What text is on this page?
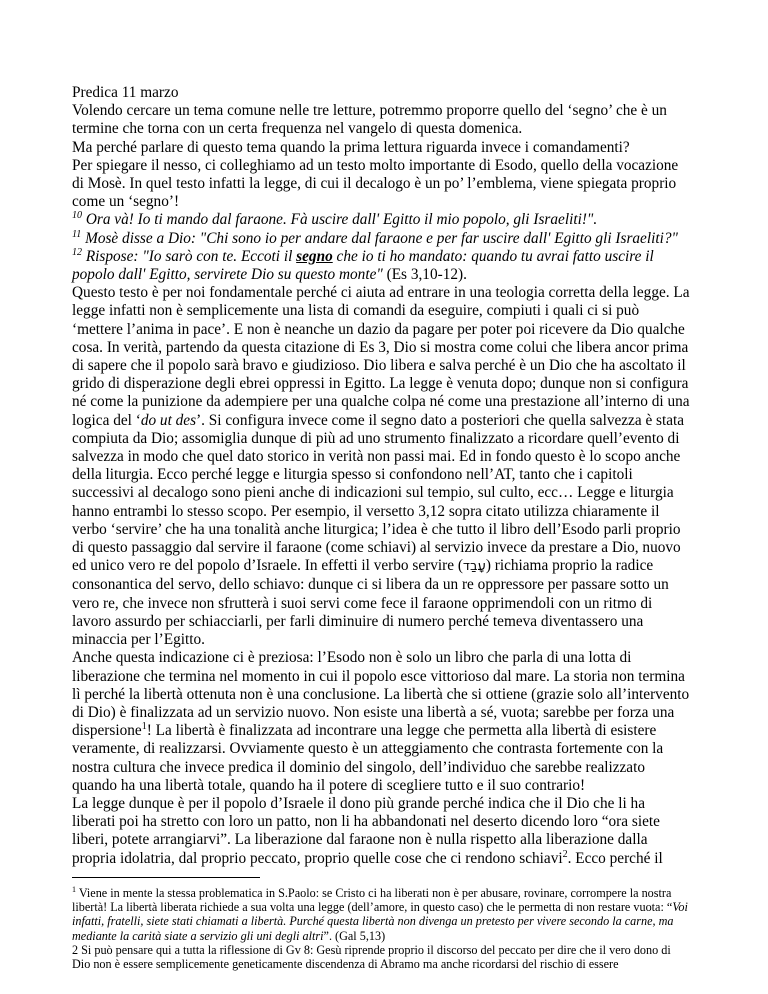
Predica 11 marzo

Volendo cercare un tema comune nelle tre letture, potremmo proporre quello del ‘segno’ che è un termine che torna con un certa frequenza nel vangelo di questa domenica.

Ma perché parlare di questo tema quando la prima lettura riguarda invece i comandamenti?

Per spiegare il nesso, ci colleghiamo ad un testo molto importante di Esodo, quello della vocazione di Mosè. In quel testo infatti la legge, di cui il decalogo è un po’ l’emblema, viene spiegata proprio come un ‘segno’!

$^{10}$ Ora và! Io ti mando dal faraone. Fà uscire dall' Egitto il mio popolo, gli Israeliti!".

$^{11}$ Mosè disse a Dio: "Chi sono io per andare dal faraone e per far uscire dall' Egitto gli Israeliti?"

$^{12}$ Rispose: "Io sarò con te. Eccoti il segno che io ti ho mandato: quando tu avrai fatto uscire il popolo dall' Egitto, servirete Dio su questo monte" (Es 3,10-12).

Questo testo è per noi fondamentale perché ci aiuta ad entrare in una teologia corretta della legge. La legge infatti non è semplicemente una lista di comandi da eseguire, compiuti i quali ci si può ‘mettere l’anima in pace’. E non è neanche un dazio da pagare per poter poi ricevere da Dio qualche cosa. In verità, partendo da questa citazione di Es 3, Dio si mostra come colui che libera ancor prima di sapere che il popolo sarà bravo e giudizioso. Dio libera e salva perché è un Dio che ha ascoltato il grido di disperazione degli ebrei oppressi in Egitto. La legge è venuta dopo; dunque non si configura né come la punizione da adempiere per una qualche colpa né come una prestazione all’interno di una logica del ‘do ut des’. Si configura invece come il segno dato a posteriori che quella salvezza è stata compiuta da Dio; assomiglia dunque di più ad uno strumento finalizzato a ricordare quell’evento di salvezza in modo che quel dato storico in verità non passi mai. Ed in fondo questo è lo scopo anche della liturgia. Ecco perché legge e liturgia spesso si confondono nell’AT, tanto che i capitoli successivi al decalogo sono pieni anche di indicazioni sul tempio, sul culto, ecc… Legge e liturgia hanno entrambi lo stesso scopo. Per esempio, il versetto 3,12 sopra citato utilizza chiaramente il verbo ‘servire’ che ha una tonalità anche liturgica; l’idea è che tutto il libro dell’Esodo parli proprio di questo passaggio dal servire il faraone (come schiavi) al servizio invece da prestare a Dio, nuovo ed unico vero re del popolo d’Israele. In effetti il verbo servire (עָבַד) richiama proprio la radice consonantica del servo, dello schiavo: dunque ci si libera da un re oppressore per passare sotto un vero re, che invece non sfrutterà i suoi servi come fece il faraone opprimendoli con un ritmo di lavoro assurdo per schiacciarli, per farli diminuire di numero perché temeva diventassero una minaccia per l’Egitto.

Anche questa indicazione ci è preziosa: l’Esodo non è solo un libro che parla di una lotta di liberazione che termina nel momento in cui il popolo esce vittorioso dal mare. La storia non termina lì perché la libertà ottenuta non è una conclusione. La libertà che si ottiene (grazie solo all’intervento di Dio) è finalizzata ad un servizio nuovo. Non esiste una libertà a sé, vuota; sarebbe per forza una dispersione$^1$! La libertà è finalizzata ad incontrare una legge che permetta alla libertà di esistere veramente, di realizzarsi. Ovviamente questo è un atteggiamento che contrasta fortemente con la nostra cultura che invece predica il dominio del singolo, dell’individuo che sarebbe realizzato quando ha una libertà totale, quando ha il potere di scegliere tutto e il suo contrario!

La legge dunque è per il popolo d’Israele il dono più grande perché indica che il Dio che li ha liberati poi ha stretto con loro un patto, non li ha abbandonati nel deserto dicendo loro “ora siete liberi, potete arrangiarvi”. La liberazione dal faraone non è nulla rispetto alla liberazione dalla propria idolatria, dal proprio peccato, proprio quelle cose che ci rendono schiavi$^2$. Ecco perché il

$^1$ Viene in mente la stessa problematica in S.Paolo: se Cristo ci ha liberati non è per abusare, rovinare, corrompere la nostra libertà! La libertà liberata richiede a sua volta una legge (dell’amore, in questo caso) che le permetta di non restare vuota: “Voi infatti, fratelli, siete stati chiamati a libertà. Purché questa libertà non divenga un pretesto per vivere secondo la carne, ma mediante la carità siate a servizio gli uni degli altri”. (Gal 5,13)

2 Si può pensare qui a tutta la riflessione di Gv 8: Gesù riprende proprio il discorso del peccato per dire che il vero dono di Dio non è essere semplicemente geneticamente discendenza di Abramo ma anche ricordarsi del rischio di essere
